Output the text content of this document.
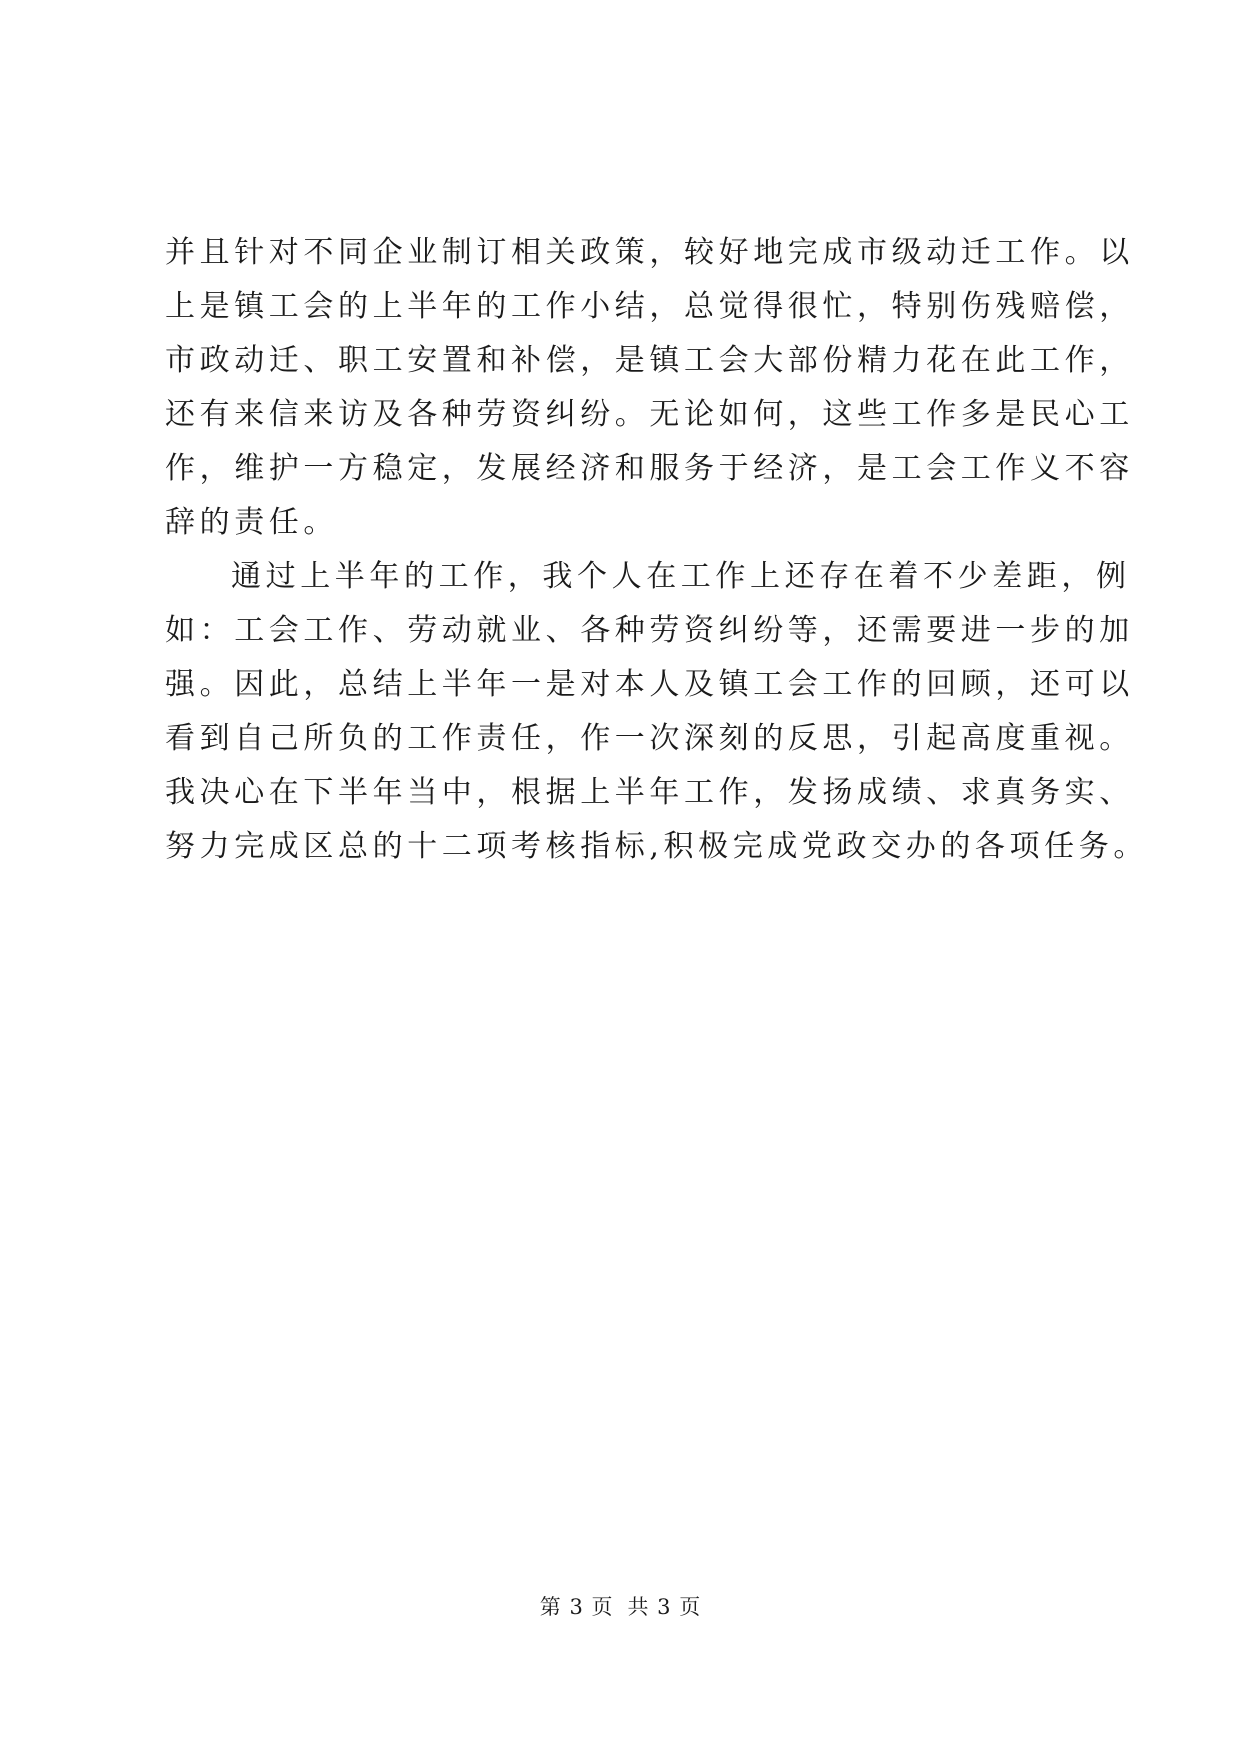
并且针对不同企业制订相关政策，较好地完成市级动迁工作。以
上是镇工会的上半年的工作小结，总觉得很忙，特别伤残赔偿，
市政动迁、职工安置和补偿，是镇工会大部份精力花在此工作，
还有来信来访及各种劳资纠纷。无论如何，这些工作多是民心工
作，维护一方稳定，发展经济和服务于经济，是工会工作义不容
辞的责任。
通过上半年的工作，我个人在工作上还存在着不少差距，例
如：工会工作、劳动就业、各种劳资纠纷等，还需要进一步的加
强。因此，总结上半年一是对本人及镇工会工作的回顾，还可以
看到自己所负的工作责任，作一次深刻的反思，引起高度重视。
我决心在下半年当中，根据上半年工作，发扬成绩、求真务实、
努力完成区总的十二项考核指标,积极完成党政交办的各项任务。
第 3 页 共 3 页
